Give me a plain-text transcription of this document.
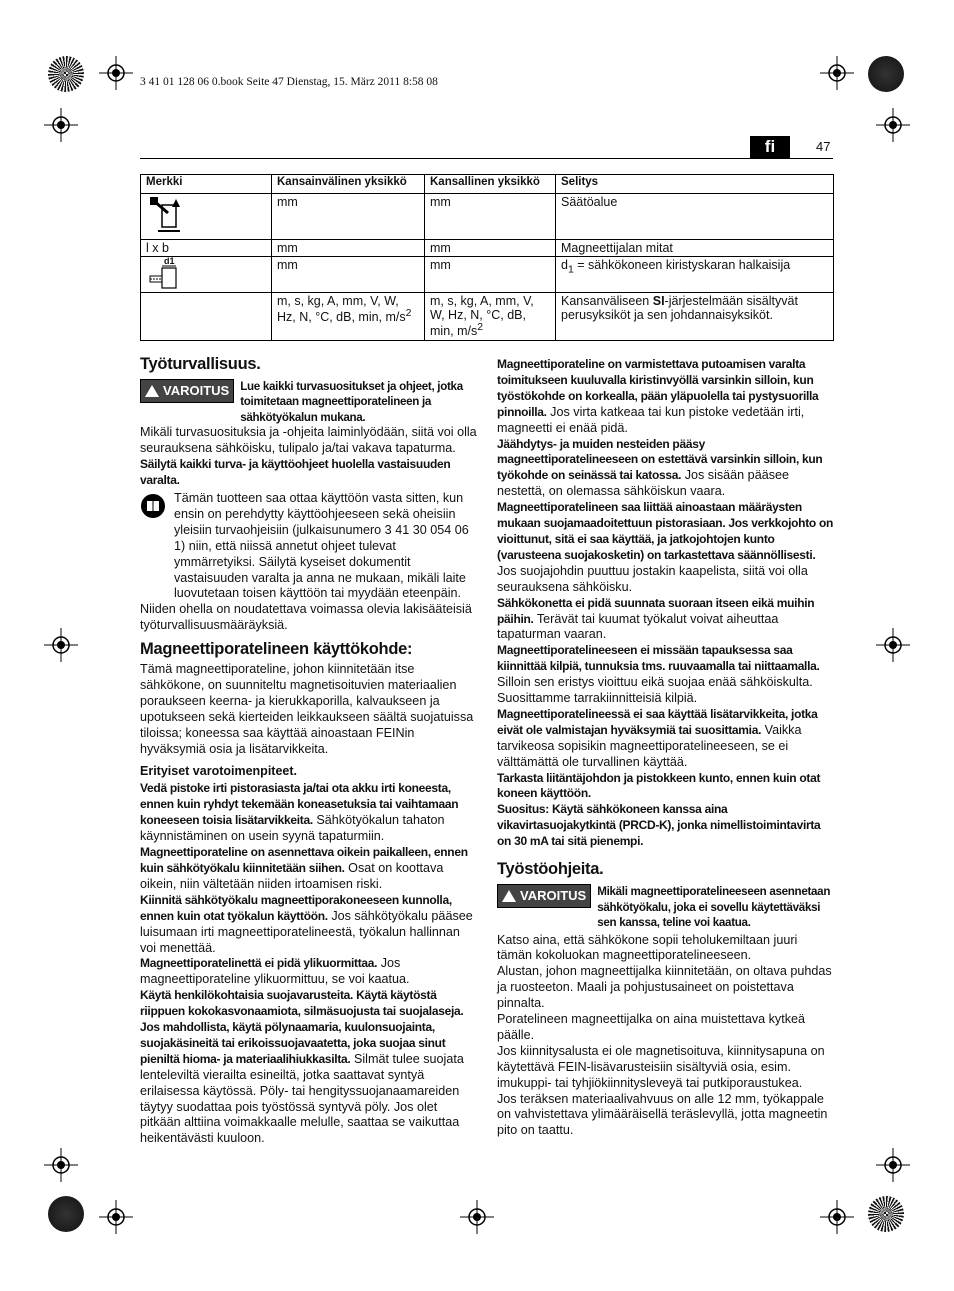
3 41 01 128 06 0.book Seite 47 Dienstag, 15. März 2011 8:58 08
fi	47
Merkki	Kansainvälinen yksikkö	Kansallinen yksikkö	Selitys
	mm	mm	Säätöalue
l x b	mm	mm	Magneettijalan mitat

d1	mm	mm	$d_1$ = sähkökoneen kiristyskaran halkaisija
	m, s, kg, A, mm, V, W, Hz, N, °C, dB, min, $m/s^2$	m, s, kg, A, mm, V, W, Hz, N, °C, dB, min, $m/s^2$	Kansanväliseen SI-järjestelmään sisältyvät perusyksiköt ja sen johdannaisyksiköt.

Työturvallisuus.

VAROITUS Lue kaikki turvasuositukset ja ohjeet, jotka toimitetaan magneettiporatelineen ja sähkötyökalun mukana.

Mikäli turvasuosituksia ja -ohjeita laiminlyödään, siitä voi olla seurauksena sähköisku, tulipalo ja/tai vakava tapaturma.

Säilytä kaikki turva- ja käyttöohjeet huolella vastaisuuden varalta.

Tämän tuotteen saa ottaa käyttöön vasta sitten, kun ensin on perehdytty käyttöohjeeseen sekä oheisiin yleisiin turvaohjeisiin (julkaisunumero 3 41 30 054 06 1) niin, että niissä annetut ohjeet tulevat ymmärretyiksi. Säilytä kyseiset dokumentit vastaisuuden varalta ja anna ne mukaan, mikäli laite luovutetaan toisen käyttöön tai myydään eteenpäin.

Niiden ohella on noudatettava voimassa olevia lakisääteisiä työturvallisuusmääräyksiä.

Magneettiporatelineen käyttökohde:

Tämä magneettiporateline, johon kiinnitetään itse sähkökone, on suunniteltu magnetisoituvien materiaalien poraukseen keerna- ja kierukkaporilla, kalvaukseen ja upotukseen sekä kierteiden leikkaukseen säältä suojatuissa tiloissa; koneessa saa käyttää ainoastaan FEINin hyväksymiä osia ja lisätarvikkeita.

Erityiset varotoimenpiteet.

Vedä pistoke irti pistorasiasta ja/tai ota akku irti koneesta, ennen kuin ryhdyt tekemään koneasetuksia tai vaihtamaan koneeseen toisia lisätarvikkeita. Sähkötyökalun tahaton käynnistäminen on usein syynä tapaturmiin.

Magneettiporateline on asennettava oikein paikalleen, ennen kuin sähkötyökalu kiinnitetään siihen. Osat on koottava oikein, niin vältetään niiden irtoamisen riski.

Kiinnitä sähkötyökalu magneettiporakoneeseen kunnolla, ennen kuin otat työkalun käyttöön. Jos sähkötyökalu pääsee luisumaan irti magneettiporatelineestä, työkalun hallinnan voi menettää.

Magneettiporatelinettä ei pidä ylikuormittaa. Jos magneettiporateline ylikuormittuu, se voi kaatua.

Käytä henkilökohtaisia suojavarusteita. Käytä käytöstä riippuen kokokasvonaamiota, silmäsuojusta tai suojalaseja. Jos mahdollista, käytä pölynaamaria, kuulonsuojainta, suojakäsineitä tai erikoissuojavaatetta, joka suojaa sinut pieniltä hioma- ja materiaalihiukkasilta. Silmät tulee suojata lenteleviltä vierailta esineiltä, jotka saattavat syntyä erilaisessa käytössä. Pöly- tai hengityssuojanaamareiden täytyy suodattaa pois työstössä syntyvä pöly. Jos olet pitkään alttiina voimakkaalle melulle, saattaa se vaikuttaa heikentävästi kuuloon.

Magneettiporateline on varmistettava putoamisen varalta toimitukseen kuuluvalla kiristinvyöllä varsinkin silloin, kun työstökohde on korkealla, pään yläpuolella tai pystysuorilla pinnoilla. Jos virta katkeaa tai kun pistoke vedetään irti, magneetti ei enää pidä.

Jäähdytys- ja muiden nesteiden pääsy magneettiporatelineeseen on estettävä varsinkin silloin, kun työkohde on seinässä tai katossa. Jos sisään pääsee nestettä, on olemassa sähköiskun vaara.

Magneettiporatelineen saa liittää ainoastaan määräysten mukaan suojamaadoitettuun pistorasiaan. Jos verkkojohto on vioittunut, sitä ei saa käyttää, ja jatkojohtojen kunto (varusteena suojakosketin) on tarkastettava säännöllisesti. Jos suojajohdin puuttuu jostakin kaapelista, siitä voi olla seurauksena sähköisku.

Sähkökonetta ei pidä suunnata suoraan itseen eikä muihin päihin. Terävät tai kuumat työkalut voivat aiheuttaa tapaturman vaaran.

Magneettiporatelineeseen ei missään tapauksessa saa kiinnittää kilpiä, tunnuksia tms. ruuvaamalla tai niittaamalla. Silloin sen eristys vioittuu eikä suojaa enää sähköiskulta. Suosittamme tarrakiinnitteisiä kilpiä.

Magneettiporatelineessä ei saa käyttää lisätarvikkeita, jotka eivät ole valmistajan hyväksymiä tai suosittamia. Vaikka tarvikeosa sopisikin magneettiporatelineeseen, se ei välttämättä ole turvallinen käyttää.

Tarkasta liitäntäjohdon ja pistokkeen kunto, ennen kuin otat koneen käyttöön.

Suositus: Käytä sähkökoneen kanssa aina vikavirtasuojakytkintä (PRCD-K), jonka nimellistoimintavirta on 30 mA tai sitä pienempi.

Työstöohjeita.

VAROITUS Mikäli magneettiporatelineeseen asennetaan sähkötyökalu, joka ei sovellu käytettäväksi sen kanssa, teline voi kaatua.

Katso aina, että sähkökone sopii teholukemiltaan juuri tämän kokoluokan magneettiporatelineeseen.

Alustan, johon magneettijalka kiinnitetään, on oltava puhdas ja ruosteeton. Maali ja pohjustusaineet on poistettava pinnalta.

Poratelineen magneettijalka on aina muistettava kytkeä päälle.

Jos kiinnitysalusta ei ole magnetisoituva, kiinnitysapuna on käytettävä FEIN-lisävarusteisiin sisältyviä osia, esim. imukuppi- tai tyhjiökiinnitysleveyä tai putkiporaustukea.

Jos teräksen materiaalivahvuus on alle 12 mm, työkappale on vahvistettava ylimääräisellä teräslevyllä, jotta magneetin pito on taattu.
